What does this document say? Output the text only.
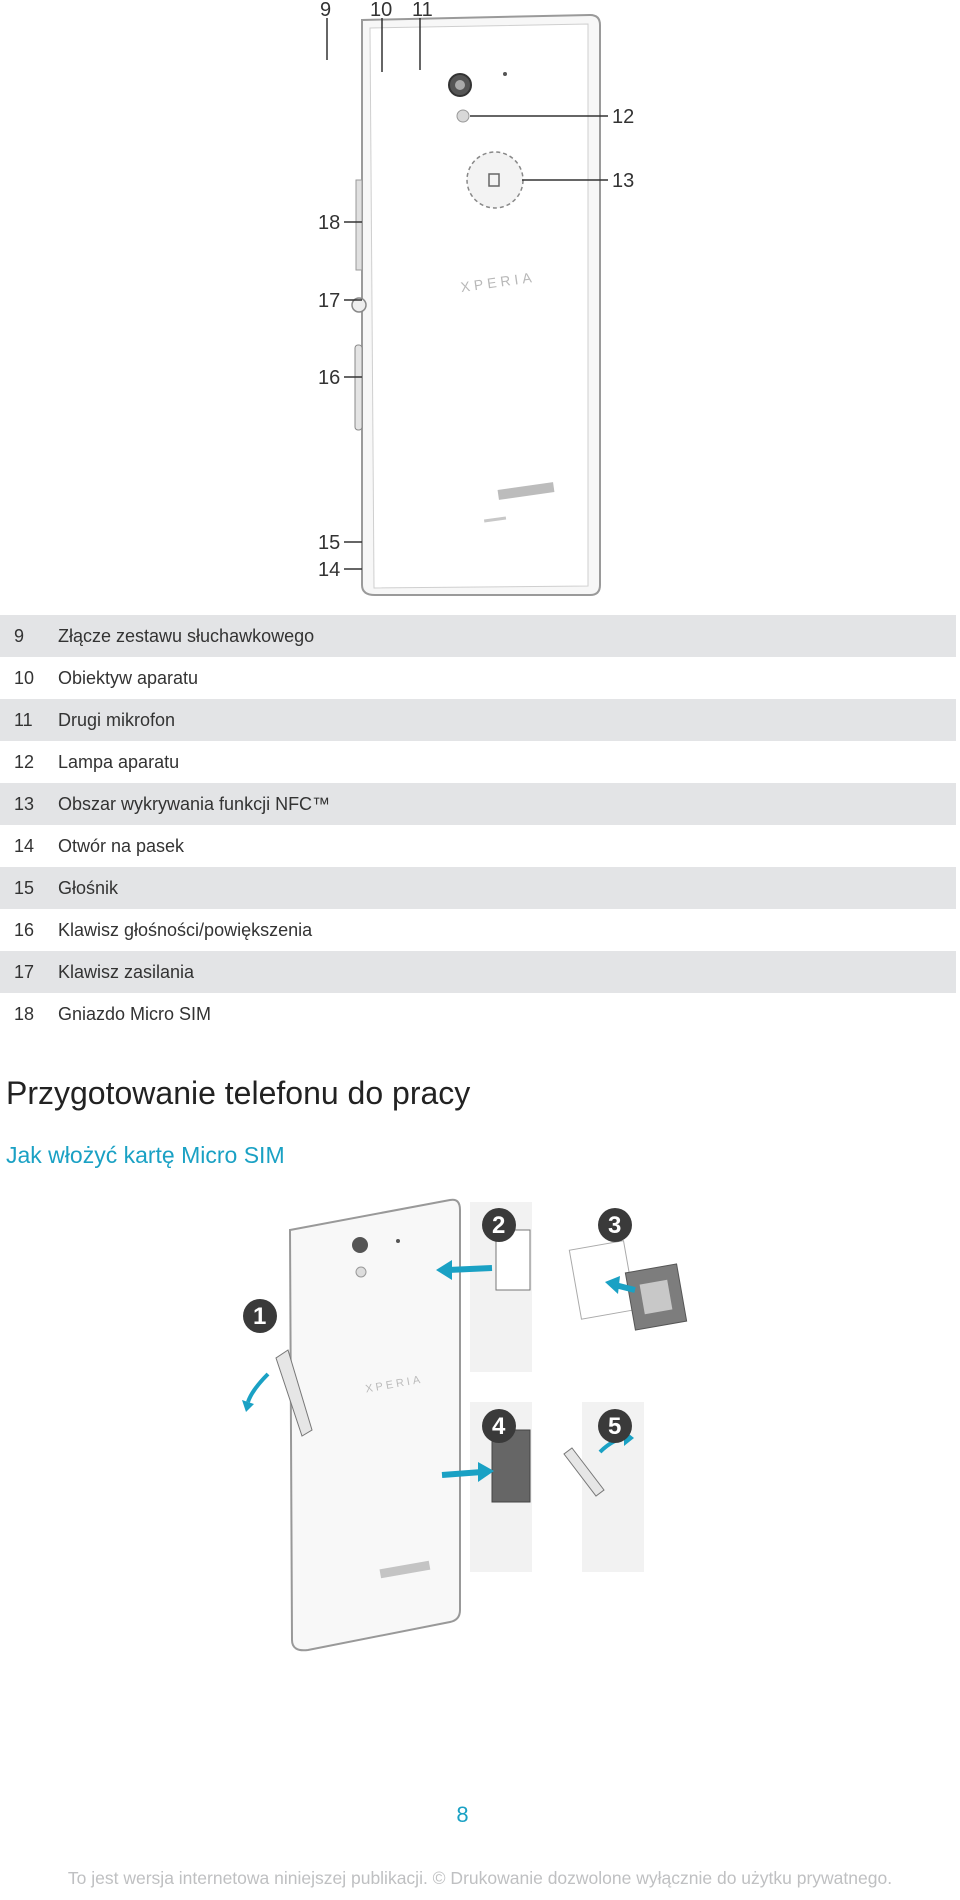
XPERIA
9 10 11
12
13
18
17
16
15
14
9	Złącze zestawu słuchawkowego
10	Obiektyw aparatu
11	Drugi mikrofon
12	Lampa aparatu
13	Obszar wykrywania funkcji NFC™
14	Otwór na pasek
15	Głośnik
16	Klawisz głośności/powiększenia
17	Klawisz zasilania
18	Gniazdo Micro SIM
Przygotowanie telefonu do pracy
Jak włożyć kartę Micro SIM
XPERIA
1
2	3
4	5
8
To jest wersja internetowa niniejszej publikacji. © Drukowanie dozwolone wyłącznie do użytku prywatnego.
